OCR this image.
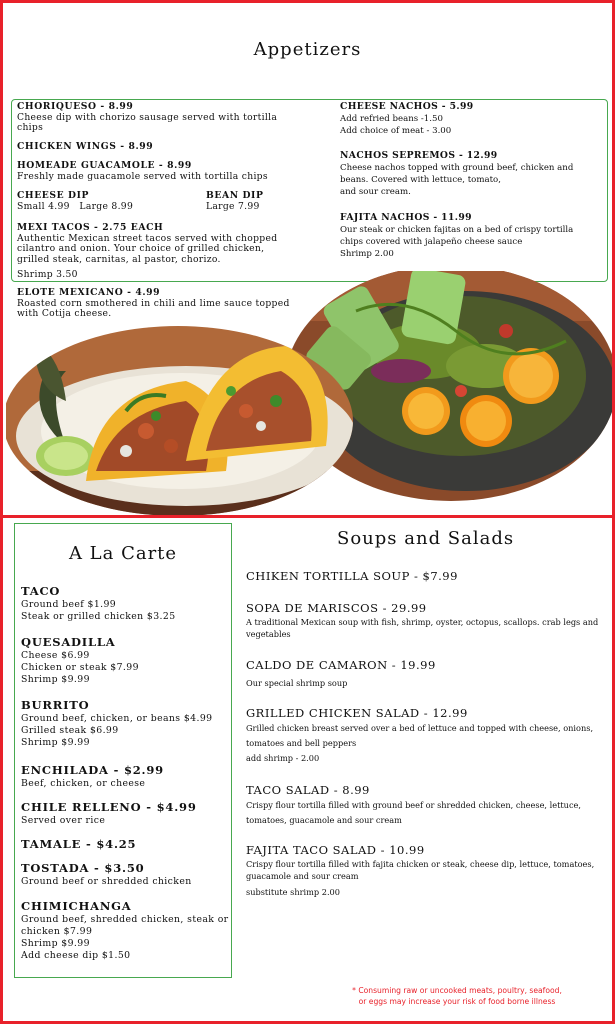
Appetizers
CHORIQUESO - 8.99
Cheese dip with chorizo sausage served with tortilla
chips
CHICKEN WINGS - 8.99
HOMEADE GUACAMOLE - 8.99
Freshly made guacamole served with tortilla chips
CHEESE DIP
Small 4.99 Large 8.99
BEAN DIP
Large 7.99
MEXI TACOS - 2.75 EACH
Authentic Mexican street tacos served with chopped
cilantro and onion. Your choice of grilled chicken,
grilled steak, carnitas, al pastor, chorizo.
Shrimp 3.50
ELOTE MEXICANO - 4.99
Roasted corn smothered in chili and lime sauce topped
with Cotija cheese.
CHEESE NACHOS - 5.99
Add refried beans -1.50
Add choice of meat - 3.00
NACHOS SEPREMOS - 12.99
Cheese nachos topped with ground beef, chicken and
beans. Covered with lettuce, tomato,
and sour cream.
FAJITA NACHOS - 11.99
Our steak or chicken fajitas on a bed of crispy tortilla
chips covered with jalapeño cheese sauce
Shrimp 2.00
A La Carte
TACO
Ground beef $1.99
Steak or grilled chicken $3.25
QUESADILLA
Cheese $6.99
Chicken or steak $7.99
Shrimp $9.99
BURRITO
Ground beef, chicken, or beans $4.99
Grilled steak $6.99
Shrimp $9.99
ENCHILADA - $2.99
Beef, chicken, or cheese
CHILE RELLENO - $4.99
Served over rice
TAMALE - $4.25
TOSTADA - $3.50
Ground beef or shredded chicken
CHIMICHANGA
Ground beef, shredded chicken, steak or
chicken $7.99
Shrimp $9.99
Add cheese dip $1.50
Soups and Salads
CHIKEN TORTILLA SOUP - $7.99
SOPA DE MARISCOS - 29.99
A traditional Mexican soup with fish, shrimp, oyster, octopus, scallops. crab legs and
vegetables
CALDO DE CAMARON - 19.99
Our special shrimp soup
GRILLED CHICKEN SALAD - 12.99
Grilled chicken breast served over a bed of lettuce and topped with cheese, onions,
tomatoes and bell peppers
add shrimp - 2.00
TACO SALAD - 8.99
Crispy flour tortilla filled with ground beef or shredded chicken, cheese, lettuce,
tomatoes, guacamole and sour cream
FAJITA TACO SALAD - 10.99
Crispy flour tortilla filled with fajita chicken or steak, cheese dip, lettuce, tomatoes,
guacamole and sour cream
substitute shrimp 2.00
* Consuming raw or uncooked meats, poultry, seafood,
or eggs may increase your risk of food borne illness
